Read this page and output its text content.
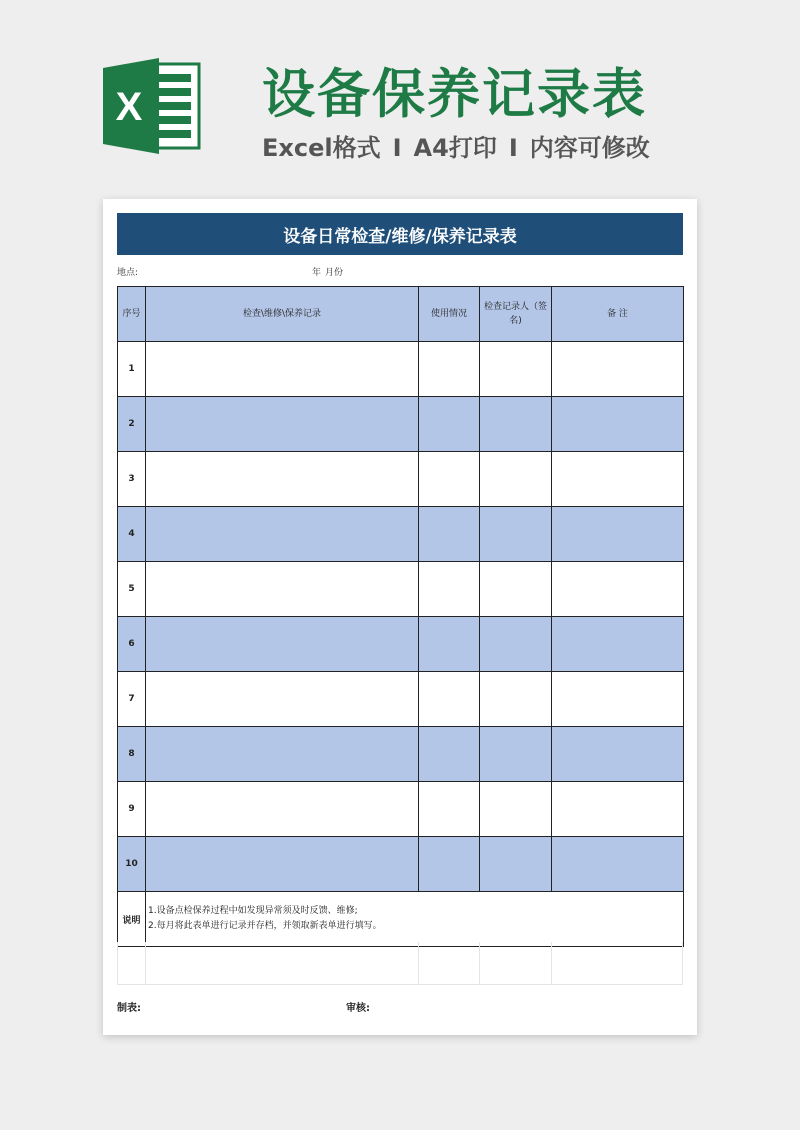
X 设备保养记录表
Excel格式 I A4打印 I 内容可修改
设备日常检查/维修/保养记录表
地点:	年 月份
序号	检查\维修\保养记录	使用情况	检查记录人（签名)	备 注
1				
2				
3				
4				
5				
6				
7				
8				
9				
10				
说明	1.设备点检保养过程中如发现异常须及时反馈、维修;
2.每月将此表单进行记录并存档，并领取新表单进行填写。			
制表:	审核:
